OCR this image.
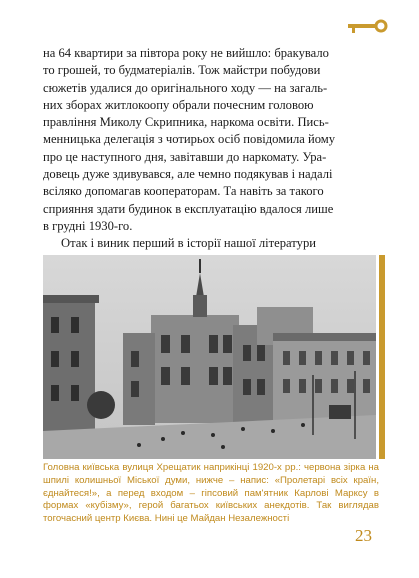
на 64 квартири за півтора року не вийшло: бракувало

то грошей, то будматеріалів. Тож майстри побудови

сюжетів удалися до оригінального ходу — на загаль-

них зборах житлокоопу обрали почесним головою

правління Миколу Скрипника, наркома освіти. Пись-

менницька делегація з чотирьох осіб повідомила йому

про це наступного дня, завітавши до наркомату. Ура-

довець дуже здивувався, але чемно подякував і надалі

всіляко допомагав кооператорам. Та навіть за такого

сприяння здати будинок в експлуатацію вдалося лише

в грудні 1930-го.

Отак і виник перший в історії нашої літератури

Головна київська вулиця Хрещатик наприкінці 1920-х рр.: червона зірка на шпилі колишньої Міської думи, нижче – напис: «Пролетарі всіх країн, єднайтеся!», а перед входом – гіпсовий пам'ятник Карлові Марксу в формах «кубізму», герой багатьох київських анекдотів. Так виглядав тогочасний центр Києва. Нині це Майдан Незалежності

23
